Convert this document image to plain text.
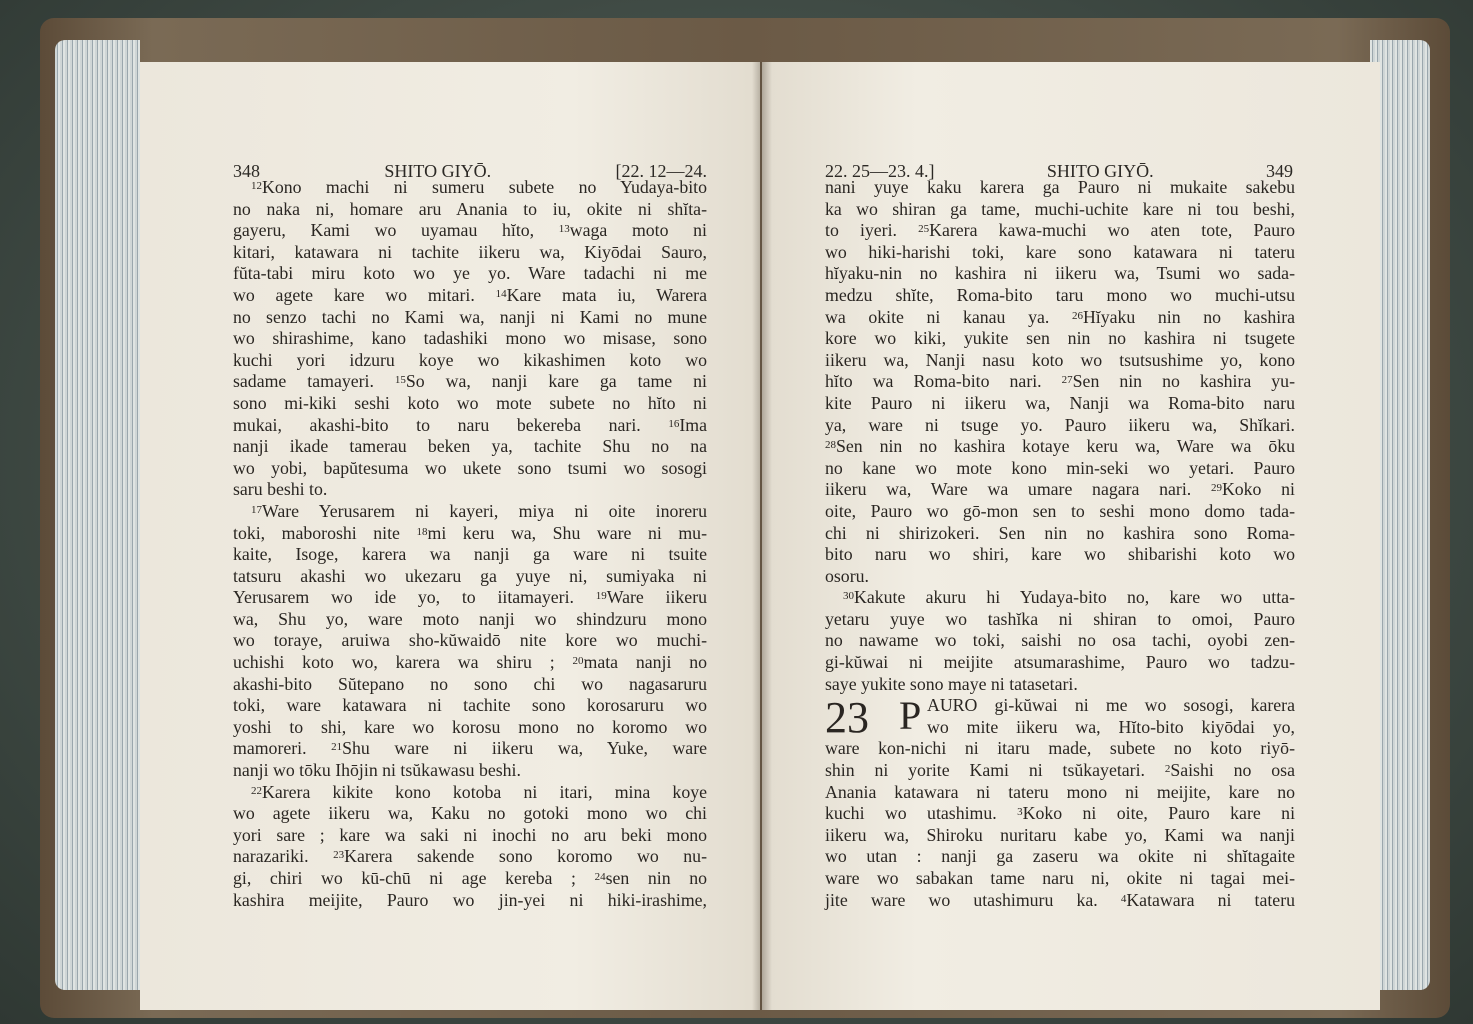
348	SHITO GIYŌ.	[22. 12—24.
$^{12}$Kono machi ni sumeru subete no Yudaya-bito
no naka ni, homare aru Anania to iu, okite ni shĭta-
gayeru, Kami wo uyamau hĭto, $^{13}$waga moto ni
kitari, katawara ni tachite iikeru wa, Kiyōdai Sauro,
fŭta-tabi miru koto wo ye yo. Ware tadachi ni me
wo agete kare wo mitari. $^{14}$Kare mata iu, Warera
no senzo tachi no Kami wa, nanji ni Kami no mune
wo shirashime, kano tadashiki mono wo misase, sono
kuchi yori idzuru koye wo kikashimen koto wo
sadame tamayeri. $^{15}$So wa, nanji kare ga tame ni
sono mi-kiki seshi koto wo mote subete no hĭto ni
mukai, akashi-bito to naru bekereba nari. $^{16}$Ima
nanji ikade tamerau beken ya, tachite Shu no na
wo yobi, bapŭtesuma wo ukete sono tsumi wo sosogi
saru beshi to.
$^{17}$Ware Yerusarem ni kayeri, miya ni oite inoreru
toki, maboroshi nite $^{18}$mi keru wa, Shu ware ni mu-
kaite, Isoge, karera wa nanji ga ware ni tsuite
tatsuru akashi wo ukezaru ga yuye ni, sumiyaka ni
Yerusarem wo ide yo, to iitamayeri. $^{19}$Ware iikeru
wa, Shu yo, ware moto nanji wo shindzuru mono
wo toraye, aruiwa sho-kŭwaidō nite kore wo muchi-
uchishi koto wo, karera wa shiru ; $^{20}$mata nanji no
akashi-bito Sŭtepano no sono chi wo nagasaruru
toki, ware katawara ni tachite sono korosaruru wo
yoshi to shi, kare wo korosu mono no koromo wo
mamoreri. $^{21}$Shu ware ni iikeru wa, Yuke, ware
nanji wo tōku Ihōjin ni tsŭkawasu beshi.
$^{22}$Karera kikite kono kotoba ni itari, mina koye
wo agete iikeru wa, Kaku no gotoki mono wo chi
yori sare ; kare wa saki ni inochi no aru beki mono
narazariki. $^{23}$Karera sakende sono koromo wo nu-
gi, chiri wo kū-chū ni age kereba ; $^{24}$sen nin no
kashira meijite, Pauro wo jin-yei ni hiki-irashime,
22. 25—23. 4.]	SHITO GIYŌ.	349
nani yuye kaku karera ga Pauro ni mukaite sakebu
ka wo shiran ga tame, muchi-uchite kare ni tou beshi,
to iyeri. $^{25}$Karera kawa-muchi wo aten tote, Pauro
wo hiki-harishi toki, kare sono katawara ni tateru
hĭyaku-nin no kashira ni iikeru wa, Tsumi wo sada-
medzu shĭte, Roma-bito taru mono wo muchi-utsu
wa okite ni kanau ya. $^{26}$Hĭyaku nin no kashira
kore wo kiki, yukite sen nin no kashira ni tsugete
iikeru wa, Nanji nasu koto wo tsutsushime yo, kono
hĭto wa Roma-bito nari. $^{27}$Sen nin no kashira yu-
kite Pauro ni iikeru wa, Nanji wa Roma-bito naru
ya, ware ni tsuge yo. Pauro iikeru wa, Shĭkari.
$^{28}$Sen nin no kashira kotaye keru wa, Ware wa ōku
no kane wo mote kono min-seki wo yetari. Pauro
iikeru wa, Ware wa umare nagara nari. $^{29}$Koko ni
oite, Pauro wo gō-mon sen to seshi mono domo tada-
chi ni shirizokeri. Sen nin no kashira sono Roma-
bito naru wo shiri, kare wo shibarishi koto wo
osoru.
$^{30}$Kakute akuru hi Yudaya-bito no, kare wo utta-
yetaru yuye wo tashĭka ni shiran to omoi, Pauro
no nawame wo toki, saishi no osa tachi, oyobi zen-
gi-kŭwai ni meijite atsumarashime, Pauro wo tadzu-
saye yukite sono maye ni tatasetari.
23 P AURO gi-kŭwai ni me wo sosogi, karera
wo mite iikeru wa, Hĭto-bito kiyōdai yo,
ware kon-nichi ni itaru made, subete no koto riyō-
shin ni yorite Kami ni tsŭkayetari. $^2$Saishi no osa
Anania katawara ni tateru mono ni meijite, kare no
kuchi wo utashimu. $^3$Koko ni oite, Pauro kare ni
iikeru wa, Shiroku nuritaru kabe yo, Kami wa nanji
wo utan : nanji ga zaseru wa okite ni shĭtagaite
ware wo sabakan tame naru ni, okite ni tagai mei-
jite ware wo utashimuru ka. $^4$Katawara ni tateru
